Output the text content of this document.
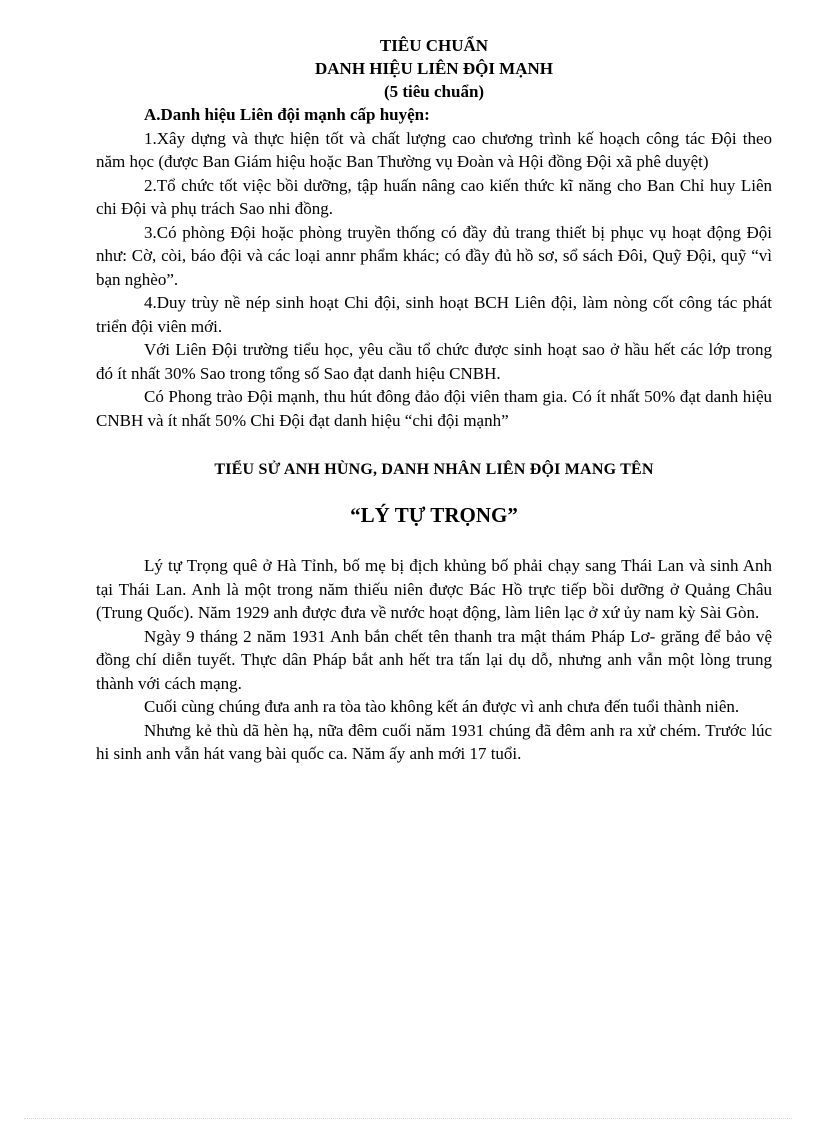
TIÊU CHUẨN
DANH HIỆU LIÊN ĐỘI MẠNH
(5 tiêu chuẩn)
A.Danh hiệu Liên đội mạnh cấp huyện:

1.Xây dựng và thực hiện tốt và chất lượng cao chương trình kế hoạch công tác Đội theo năm học (được Ban Giám hiệu hoặc Ban Thường vụ Đoàn và Hội đồng Đội xã phê duyệt)

2.Tổ chức tốt việc bồi dưỡng, tập huấn nâng cao kiến thức kĩ năng cho Ban Chỉ huy Liên chi Đội và phụ trách Sao nhi đồng.

3.Có phòng Đội hoặc phòng truyền thống có đầy đủ trang thiết bị phục vụ hoạt động Đội như: Cờ, còi, báo đội và các loại annr phẩm khác; có đầy đủ hồ sơ, sổ sách Đôi, Quỹ Đội, quỹ “vì bạn nghèo”.

4.Duy trùy nề nép sinh hoạt Chi đội, sinh hoạt BCH Liên đội, làm nòng cốt công tác phát triển đội viên mới.

Với Liên Đội trường tiểu học, yêu cầu tổ chức được sinh hoạt sao ở hầu hết các lớp trong đó ít nhất 30% Sao trong tổng số Sao đạt danh hiệu CNBH.

Có Phong trào Đội mạnh, thu hút đông đảo đội viên tham gia. Có ít nhất 50% đạt danh hiệu CNBH và ít nhất 50% Chi Đội đạt danh hiệu “chi đội mạnh”

TIỂU SỬ ANH HÙNG, DANH NHÂN LIÊN ĐỘI MANG TÊN
“LÝ TỰ TRỌNG”

Lý tự Trọng quê ở Hà Tỉnh, bố mẹ bị địch khủng bố phải chạy sang Thái Lan và sinh Anh tại Thái Lan. Anh là một trong năm thiếu niên được Bác Hồ trực tiếp bồi dưỡng ở Quảng Châu (Trung Quốc). Năm 1929 anh được đưa về nước hoạt động, làm liên lạc ở xứ ủy nam kỳ Sài Gòn.

Ngày 9 tháng 2 năm 1931 Anh bắn chết tên thanh tra mật thám Pháp Lơ- grăng để bảo vệ đồng chí diễn tuyết. Thực dân Pháp bắt anh hết tra tấn lại dụ dỗ, nhưng anh vẫn một lòng trung thành với cách mạng.

Cuối cùng chúng đưa anh ra tòa tào không kết án được vì anh chưa đến tuổi thành niên.

Nhưng kẻ thù dã hèn hạ, nữa đêm cuối năm 1931 chúng đã đêm anh ra xử chém. Trước lúc hi sinh anh vẫn hát vang bài quốc ca. Năm ấy anh mới 17 tuổi.
